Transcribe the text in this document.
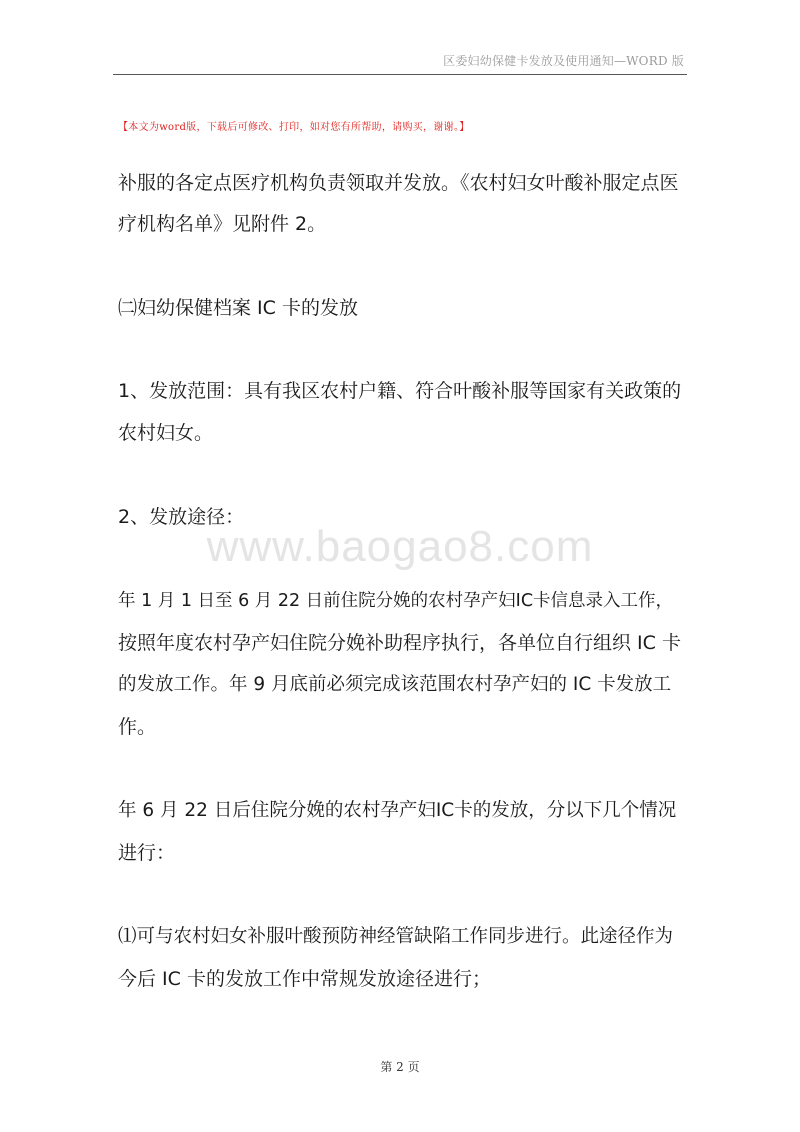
区委妇幼保健卡发放及使用通知—WORD 版
【本文为word版，下载后可修改、打印，如对您有所帮助，请购买，谢谢。】
www.baogao8.com
补服的各定点医疗机构负责领取并发放。《农村妇女叶酸补服定点医
疗机构名单》见附件 2。
㈡妇幼保健档案 IC 卡的发放
1、发放范围：具有我区农村户籍、符合叶酸补服等国家有关政策的
农村妇女。
2、发放途径：
年 1 月 1 日至 6 月 22 日前住院分娩的农村孕产妇IC卡信息录入工作，
按照年度农村孕产妇住院分娩补助程序执行，各单位自行组织 IC 卡
的发放工作。年 9 月底前必须完成该范围农村孕产妇的 IC 卡发放工
作。
年 6 月 22 日后住院分娩的农村孕产妇IC卡的发放，分以下几个情况
进行：
⑴可与农村妇女补服叶酸预防神经管缺陷工作同步进行。此途径作为
今后 IC 卡的发放工作中常规发放途径进行；
第 2 页
